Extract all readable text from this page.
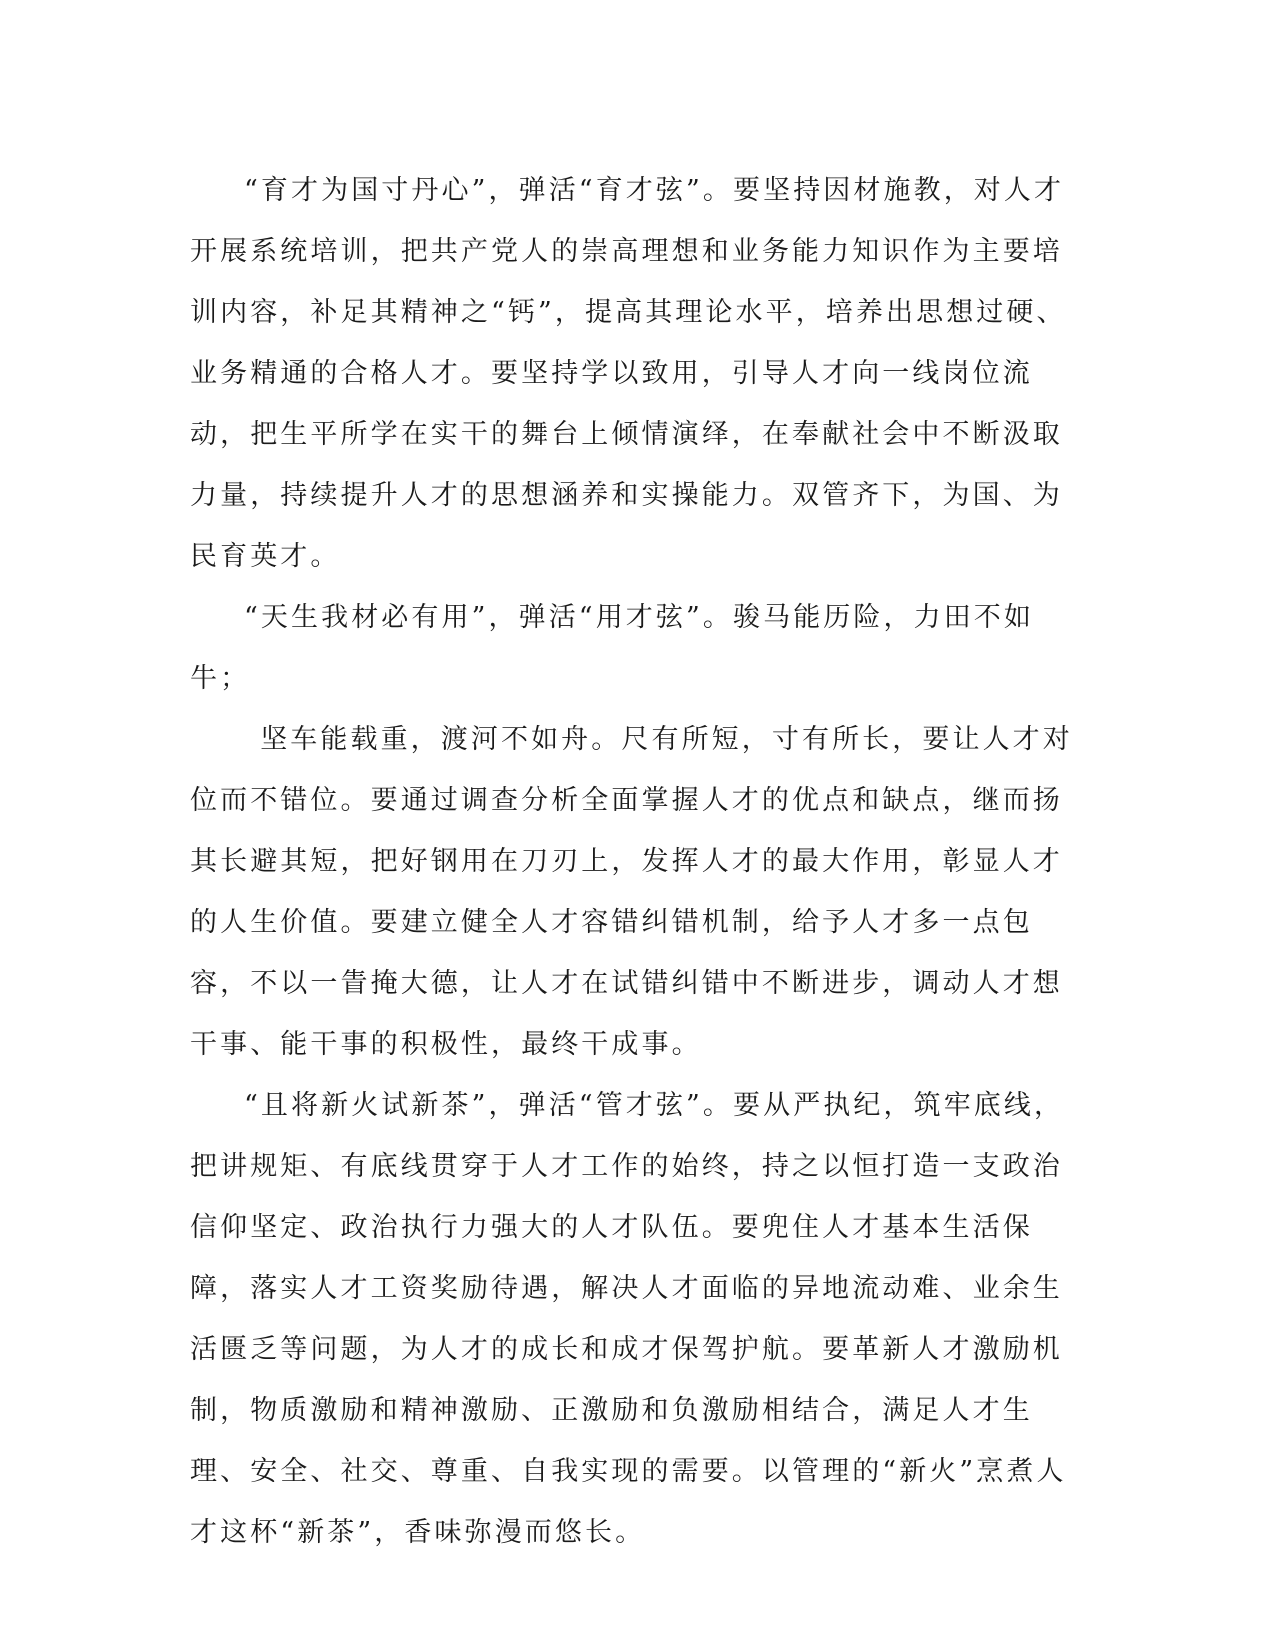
“育才为国寸丹心”，弹活“育才弦”。要坚持因材施教，对人才开展系统培训，把共产党人的崇高理想和业务能力知识作为主要培训内容，补足其精神之“钙”，提高其理论水平，培养出思想过硬、业务精通的合格人才。要坚持学以致用，引导人才向一线岗位流动，把生平所学在实干的舞台上倾情演绎，在奉献社会中不断汲取力量，持续提升人才的思想涵养和实操能力。双管齐下，为国、为民育英才。

“天生我材必有用”，弹活“用才弦”。骏马能历险，力田不如牛；

坚车能载重，渡河不如舟。尺有所短，寸有所长，要让人才对位而不错位。要通过调查分析全面掌握人才的优点和缺点，继而扬其长避其短，把好钢用在刀刃上，发挥人才的最大作用，彰显人才的人生价值。要建立健全人才容错纠错机制，给予人才多一点包容，不以一眚掩大德，让人才在试错纠错中不断进步，调动人才想干事、能干事的积极性，最终干成事。

“且将新火试新茶”，弹活“管才弦”。要从严执纪，筑牢底线，把讲规矩、有底线贯穿于人才工作的始终，持之以恒打造一支政治信仰坚定、政治执行力强大的人才队伍。要兜住人才基本生活保障，落实人才工资奖励待遇，解决人才面临的异地流动难、业余生活匮乏等问题，为人才的成长和成才保驾护航。要革新人才激励机制，物质激励和精神激励、正激励和负激励相结合，满足人才生理、安全、社交、尊重、自我实现的需要。以管理的“新火”烹煮人才这杯“新茶”，香味弥漫而悠长。
